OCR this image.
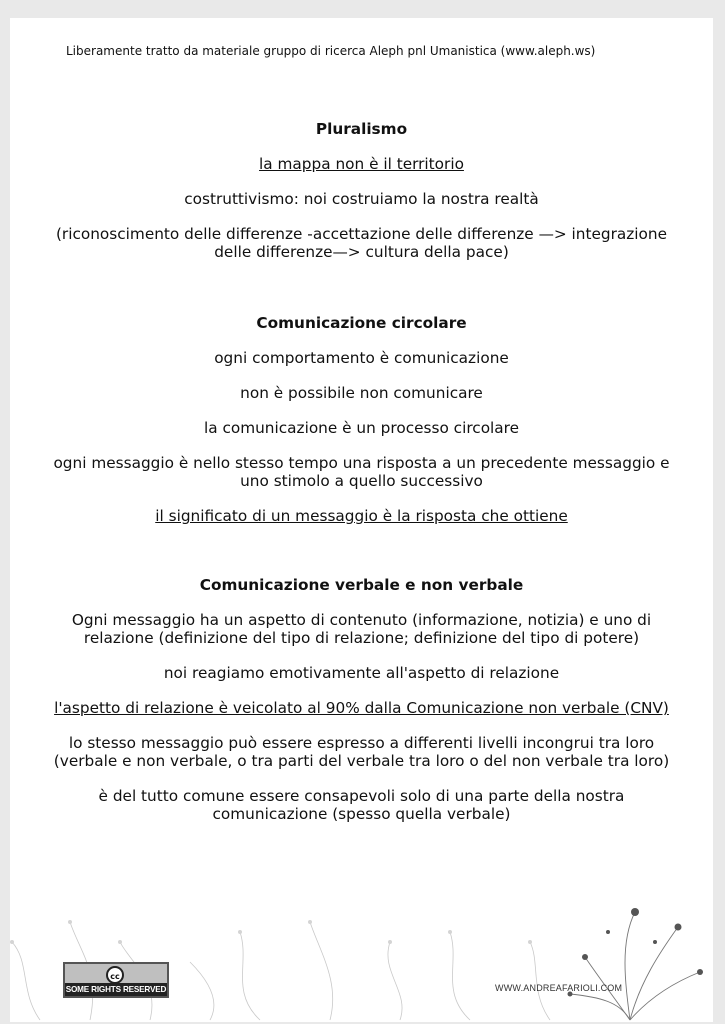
Liberamente tratto da materiale gruppo di ricerca Aleph pnl Umanistica (www.aleph.ws)

Pluralismo

la mappa non è il territorio

costruttivismo: noi costruiamo la nostra realtà

(riconoscimento delle differenze -accettazione delle differenze —> integrazione delle differenze—> cultura della pace)

Comunicazione circolare

ogni comportamento è comunicazione

non è possibile non comunicare

la comunicazione è un processo circolare

ogni messaggio è nello stesso tempo una risposta a un precedente messaggio e uno stimolo a quello successivo

il significato di un messaggio è la risposta che ottiene

Comunicazione verbale e non verbale

Ogni messaggio ha un aspetto di contenuto (informazione, notizia) e uno di relazione (definizione del tipo di relazione; definizione del tipo di potere)

noi reagiamo emotivamente all'aspetto di relazione

l'aspetto di relazione è veicolato al 90% dalla Comunicazione non verbale (CNV)

lo stesso messaggio può essere espresso a differenti livelli incongrui tra loro (verbale e non verbale, o tra parti del verbale tra loro o del non verbale tra loro)

è del tutto comune essere consapevoli solo di una parte della nostra comunicazione (spesso quella verbale)

cc
SOME RIGHTS RESERVED	WWW.ANDREAFARIOLI.COM
